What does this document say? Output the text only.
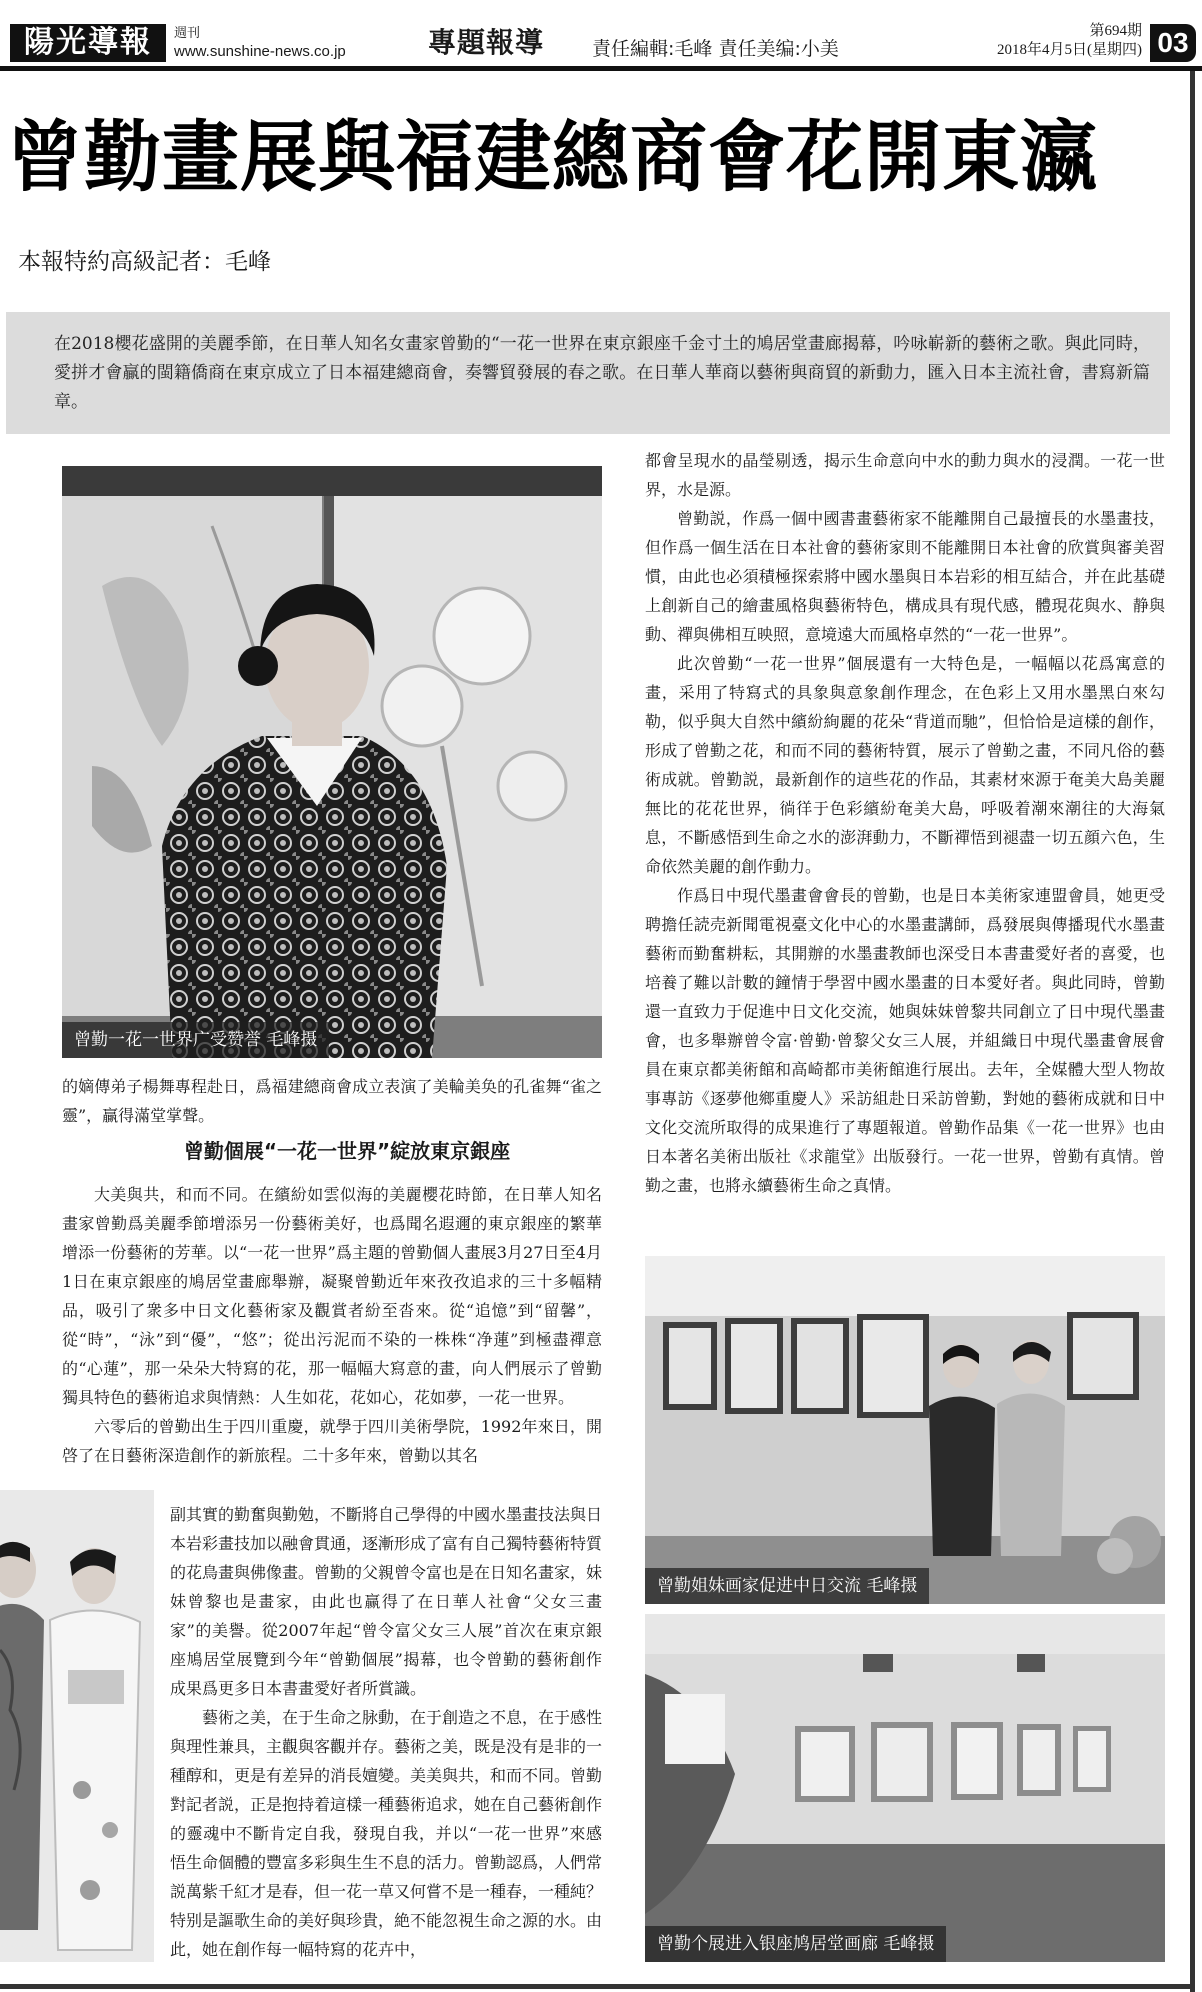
陽光導報	週刊
www.sunshine-news.co.jp	專題報導	責任編輯:毛峰 責任美编:小美
第694期
2018年4月5日(星期四) 03
曾勤畫展與福建總商會花開東瀛
本報特約高級記者：毛峰

在2018櫻花盛開的美麗季節，在日華人知名女畫家曾勤的“一花一世界在東京銀座千金寸土的鳩居堂畫廊揭幕，吟咏嶄新的藝術之歌。與此同時，愛拼才會贏的閩籍僑商在東京成立了日本福建總商會，奏響貿發展的春之歌。在日華人華商以藝術與商貿的新動力，匯入日本主流社會，書寫新篇章。

曾勤一花一世界广受赞誉 毛峰摄
曾勤姐妹画家促进中日交流 毛峰摄
曾勤个展进入银座鸠居堂画廊 毛峰摄

的嫡傳弟子楊舞專程赴日，爲福建總商會成立表演了美輪美奂的孔雀舞“雀之靈”，贏得滿堂掌聲。

曾勤個展“一花一世界”綻放東京銀座

大美與共，和而不同。在繽紛如雲似海的美麗櫻花時節，在日華人知名畫家曾勤爲美麗季節增添另一份藝術美好，也爲聞名遐邇的東京銀座的繁華增添一份藝術的芳華。以“一花一世界”爲主題的曾勤個人畫展3月27日至4月1日在東京銀座的鳩居堂畫廊舉辦，凝聚曾勤近年來孜孜追求的三十多幅精品，吸引了衆多中日文化藝術家及觀賞者紛至沓來。從“追憶”到“留馨”，從“時”，“泳”到“優”，“悠”；從出污泥而不染的一株株“净蓮”到極盡禪意的“心蓮”，那一朵朵大特寫的花，那一幅幅大寫意的畫，向人們展示了曾勤獨具特色的藝術追求與情熱：人生如花，花如心，花如夢，一花一世界。

六零后的曾勤出生于四川重慶，就學于四川美術學院，1992年來日，開啓了在日藝術深造創作的新旅程。二十多年來，曾勤以其名

副其實的勤奮與勤勉，不斷將自己學得的中國水墨畫技法與日本岩彩畫技加以融會貫通，逐漸形成了富有自己獨特藝術特質的花鳥畫與佛像畫。曾勤的父親曾令富也是在日知名畫家，妹妹曾黎也是畫家，由此也赢得了在日華人社會“父女三畫家”的美譽。從2007年起“曾令富父女三人展”首次在東京銀座鳩居堂展覽到今年“曾勤個展”揭幕，也令曾勤的藝術創作成果爲更多日本書畫愛好者所賞識。

藝術之美，在于生命之脉動，在于創造之不息，在于感性與理性兼具，主觀與客觀并存。藝術之美，既是没有是非的一種醇和，更是有差异的消長嬗變。美美與共，和而不同。曾勤對記者説，正是抱持着這樣一種藝術追求，她在自己藝術創作的靈魂中不斷肯定自我，發現自我，并以“一花一世界”來感悟生命個體的豐富多彩與生生不息的活力。曾勤認爲，人們常説萬紫千紅才是春，但一花一草又何嘗不是一種春，一種純？特别是謳歌生命的美好與珍貴，絶不能忽視生命之源的水。由此，她在創作每一幅特寫的花卉中，

都會呈現水的晶瑩剔透，揭示生命意向中水的動力與水的浸潤。一花一世界，水是源。

曾勤説，作爲一個中國書畫藝術家不能離開自己最擅長的水墨畫技，但作爲一個生活在日本社會的藝術家則不能離開日本社會的欣賞與審美習慣，由此也必須積極探索將中國水墨與日本岩彩的相互結合，并在此基礎上創新自己的繪畫風格與藝術特色，構成具有現代感，體現花與水、静與動、禪與佛相互映照，意境遠大而風格卓然的“一花一世界”。

此次曾勤“一花一世界”個展還有一大特色是，一幅幅以花爲寓意的畫，采用了特寫式的具象與意象創作理念，在色彩上又用水墨黑白來勾勒，似乎與大自然中繽紛絢麗的花朵“背道而馳”，但恰恰是這樣的創作，形成了曾勤之花，和而不同的藝術特質，展示了曾勤之畫，不同凡俗的藝術成就。曾勤説，最新創作的這些花的作品，其素材來源于奄美大島美麗無比的花花世界，徜徉于色彩繽紛奄美大島，呼吸着潮來潮往的大海氣息，不斷感悟到生命之水的澎湃動力，不斷禪悟到褪盡一切五顔六色，生命依然美麗的創作動力。

作爲日中現代墨畫會會長的曾勤，也是日本美術家連盟會員，她更受聘擔任読売新聞電視臺文化中心的水墨畫講師，爲發展與傳播現代水墨畫藝術而勤奮耕耘，其開辦的水墨畫教師也深受日本書畫愛好者的喜愛，也培養了難以計數的鐘情于學習中國水墨畫的日本愛好者。與此同時，曾勤還一直致力于促進中日文化交流，她與妹妹曾黎共同創立了日中現代墨畫會，也多舉辦曾令富·曾勤·曾黎父女三人展，并組織日中現代墨畫會展會員在東京都美術館和高崎都市美術館進行展出。去年，全媒體大型人物故事專訪《逐夢他鄉重慶人》采訪組赴日采訪曾勤，對她的藝術成就和日中文化交流所取得的成果進行了專題報道。曾勤作品集《一花一世界》也由日本著名美術出版社《求龍堂》出版發行。一花一世界，曾勤有真情。曾勤之畫，也將永續藝術生命之真情。
